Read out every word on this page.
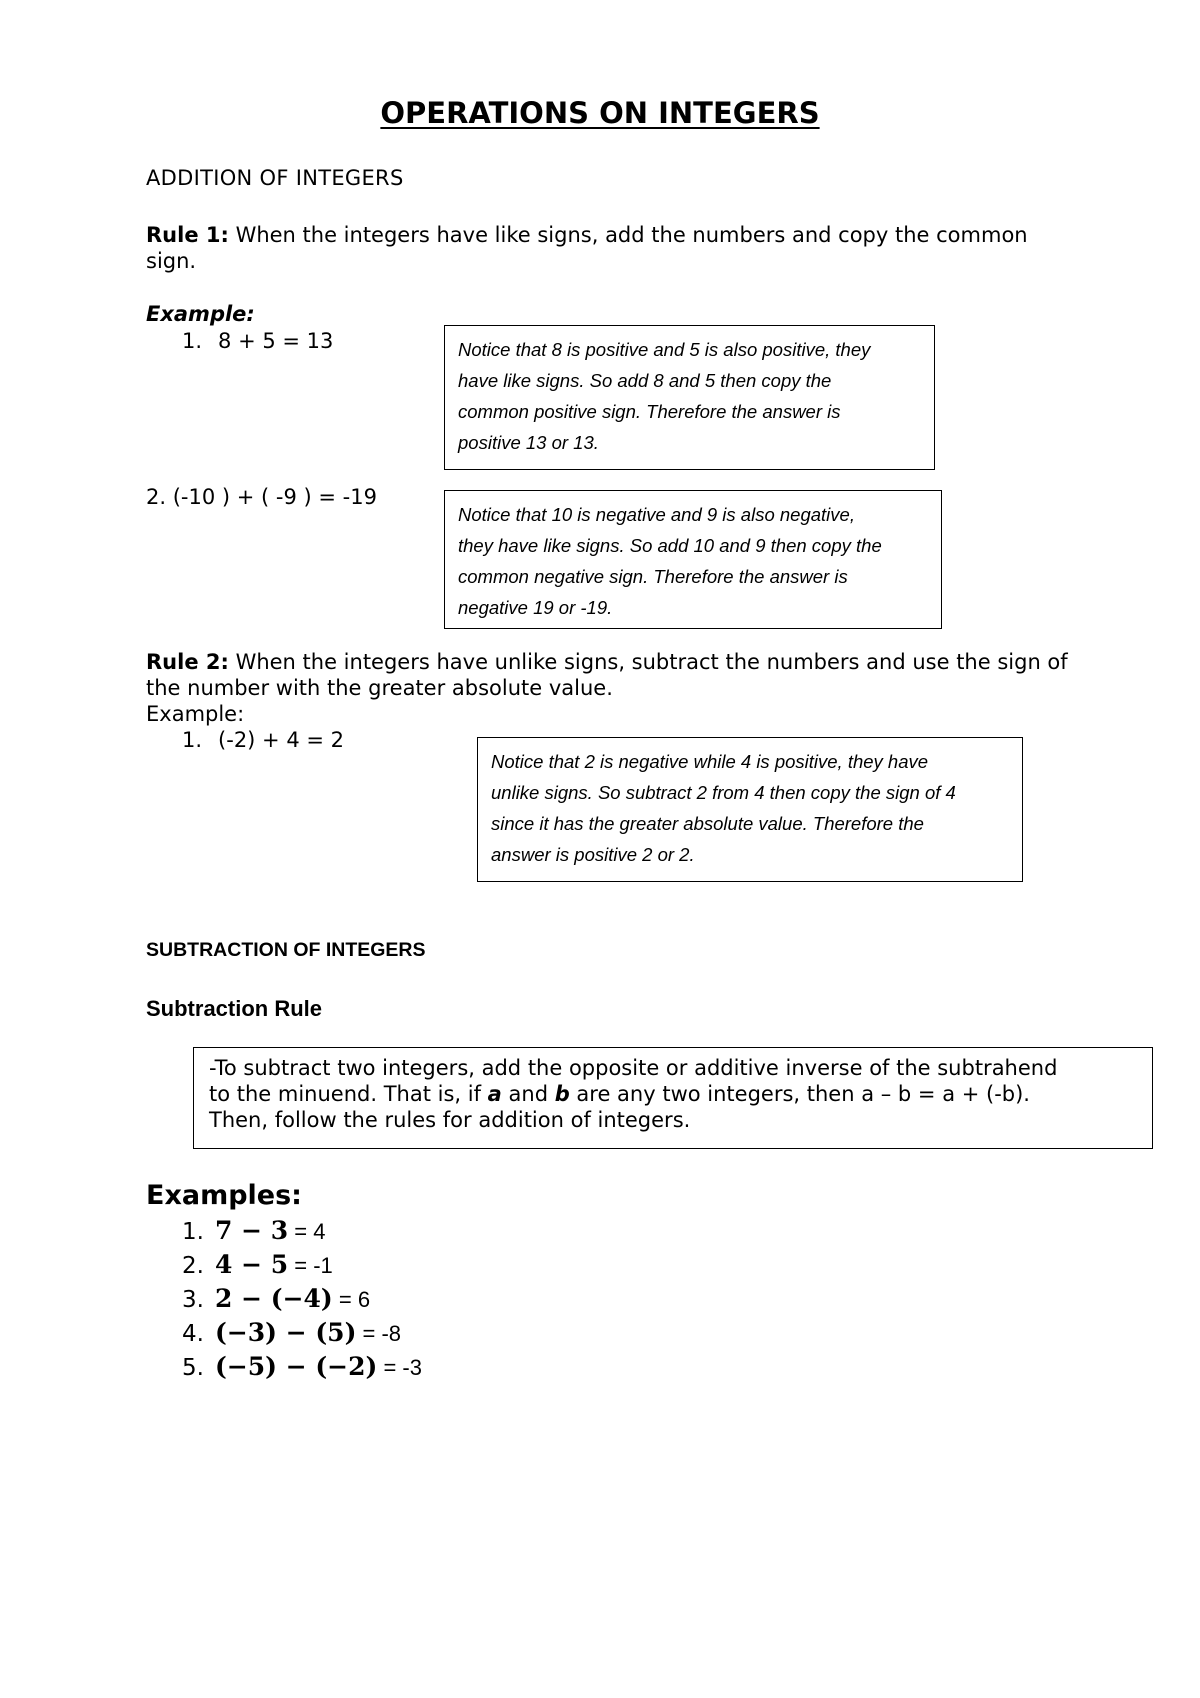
OPERATIONS ON INTEGERS
ADDITION OF INTEGERS
Rule 1: When the integers have like signs, add the numbers and copy the common
sign.
Example:
1. 8 + 5 = 13	Notice that 8 is positive and 5 is also positive, they
have like signs. So add 8 and 5 then copy the
common positive sign. Therefore the answer is
positive 13 or 13.
2. (-10 ) + ( -9 ) = -19
Notice that 10 is negative and 9 is also negative,
they have like signs. So add 10 and 9 then copy the
common negative sign. Therefore the answer is
negative 19 or -19.
Rule 2: When the integers have unlike signs, subtract the numbers and use the sign of
the number with the greater absolute value.
Example:
1. (-2) + 4 = 2
Notice that 2 is negative while 4 is positive, they have
unlike signs. So subtract 2 from 4 then copy the sign of 4
since it has the greater absolute value. Therefore the
answer is positive 2 or 2.
SUBTRACTION OF INTEGERS
Subtraction Rule
-To subtract two integers, add the opposite or additive inverse of the subtrahend
to the minuend. That is, if a and b are any two integers, then a – b = a + (-b).
Then, follow the rules for addition of integers.
Examples:
1. 7 − 3 = 4
2. 4 − 5 = -1
3. 2 − (−4) = 6
4. (−3) − (5) = -8
5. (−5) − (−2) = -3
